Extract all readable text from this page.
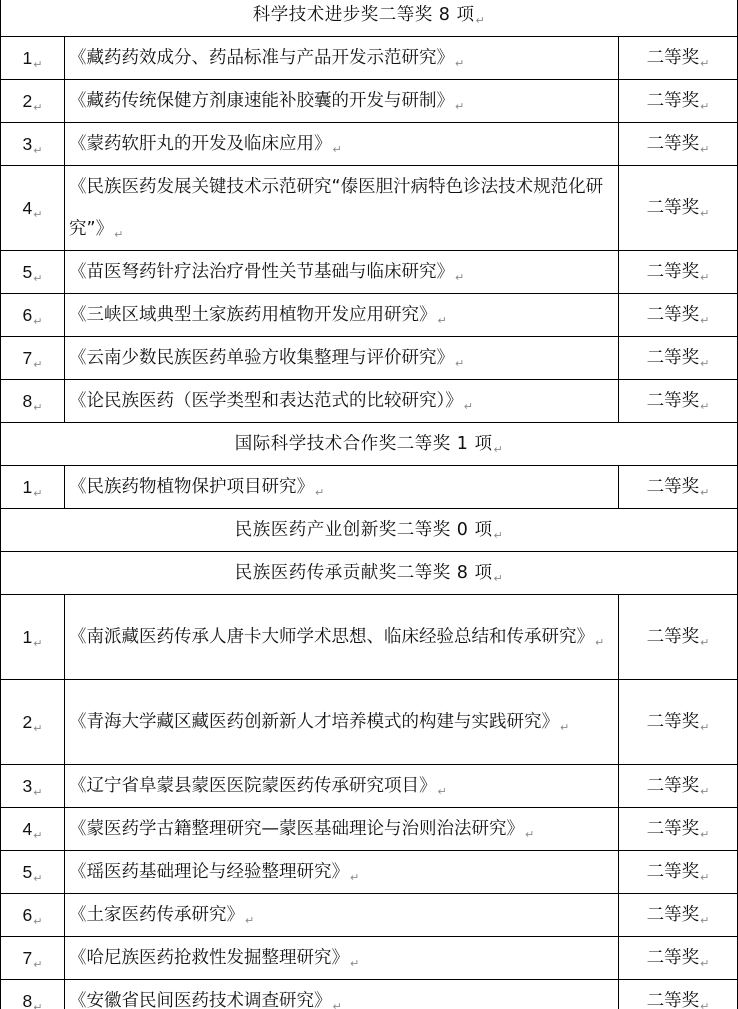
科学技术进步奖二等奖 8 项↵		
1↵	《藏药药效成分、药品标准与产品开发示范研究》↵	二等奖↵
2↵	《藏药传统保健方剂康速能补胶囊的开发与研制》↵	二等奖↵
3↵	《蒙药软肝丸的开发及临床应用》↵	二等奖↵
4↵	《民族医药发展关键技术示范研究“傣医胆汁病特色诊法技术规范化研究”》↵	二等奖↵
5↵	《苗医弩药针疗法治疗骨性关节基础与临床研究》↵	二等奖↵
6↵	《三峡区域典型土家族药用植物开发应用研究》↵	二等奖↵
7↵	《云南少数民族医药单验方收集整理与评价研究》↵	二等奖↵
8↵	《论民族医药（医学类型和表达范式的比较研究）》↵	二等奖↵
国际科学技术合作奖二等奖 1 项↵		
1↵	《民族药物植物保护项目研究》↵	二等奖↵
民族医药产业创新奖二等奖 0 项↵		
民族医药传承贡献奖二等奖 8 项↵		
1↵	《南派藏医药传承人唐卡大师学术思想、临床经验总结和传承研究》↵	二等奖↵
2↵	《青海大学藏区藏医药创新新人才培养模式的构建与实践研究》↵	二等奖↵
3↵	《辽宁省阜蒙县蒙医医院蒙医药传承研究项目》↵	二等奖↵
4↵	《蒙医药学古籍整理研究—蒙医基础理论与治则治法研究》↵	二等奖↵
5↵	《瑶医药基础理论与经验整理研究》↵	二等奖↵
6↵	《土家医药传承研究》↵	二等奖↵
7↵	《哈尼族医药抢救性发掘整理研究》↵	二等奖↵
8↵	《安徽省民间医药技术调查研究》↵	二等奖↵
